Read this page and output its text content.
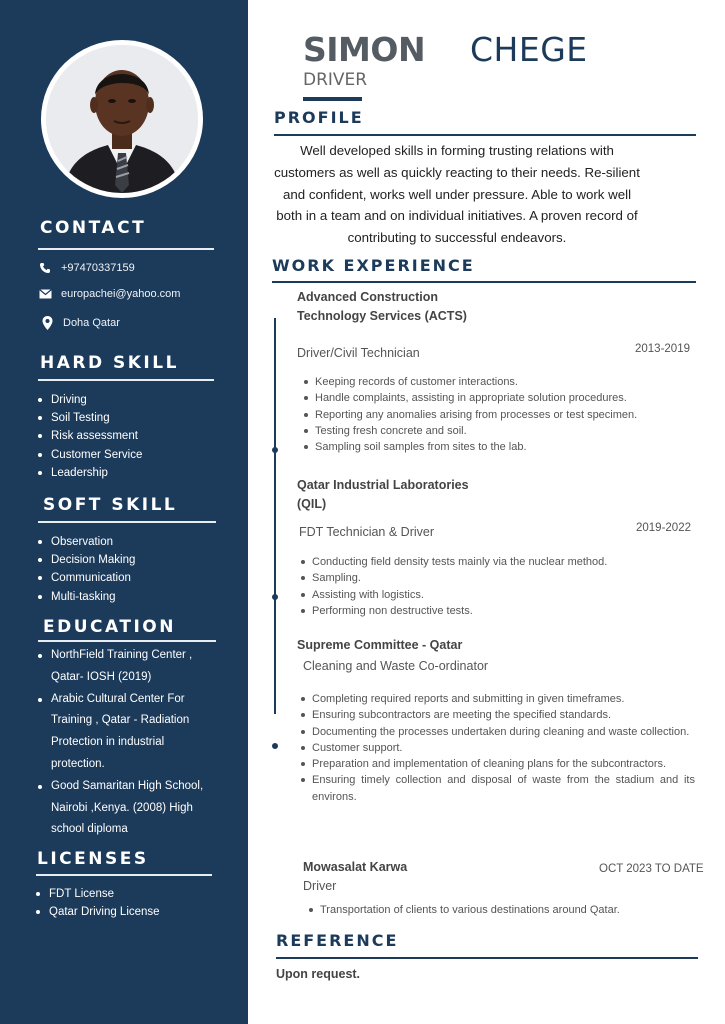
CONTACT
+97470337159
europachei@yahoo.com
Doha Qatar
HARD SKILL
Driving
Soil Testing
Risk assessment
Customer Service
Leadership
SOFT SKILL
Observation
Decision Making
Communication
Multi-tasking
EDUCATION
NorthField Training Center , Qatar- IOSH (2019)
Arabic Cultural Center For Training , Qatar - Radiation Protection in industrial protection.
Good Samaritan High School, Nairobi ,Kenya. (2008) High school diploma
LICENSES
FDT License
Qatar Driving License
SIMON CHEGE
DRIVER
PROFILE
Well developed skills in forming trusting relations with customers as well as quickly reacting to their needs. Re-silient and confident, works well under pressure. Able to work well both in a team and on individual initiatives. A proven record of contributing to successful endeavors.
WORK EXPERIENCE
Advanced Construction
Technology Services (ACTS)
Driver/Civil Technician	2013-2019
Keeping records of customer interactions.
Handle complaints, assisting in appropriate solution procedures.
Reporting any anomalies arising from processes or test specimen.
Testing fresh concrete and soil.
Sampling soil samples from sites to the lab.
Qatar Industrial Laboratories
(QIL)
FDT Technician & Driver	2019-2022
Conducting field density tests mainly via the nuclear method.
Sampling.
Assisting with logistics.
Performing non destructive tests.
Supreme Committee - Qatar
Cleaning and Waste Co-ordinator
Completing required reports and submitting in given timeframes.
Ensuring subcontractors are meeting the specified standards.
Documenting the processes undertaken during cleaning and waste collection.
Customer support.
Preparation and implementation of cleaning plans for the subcontractors.
Ensuring timely collection and disposal of waste from the stadium and its environs.
Mowasalat Karwa
Driver
OCT 2023 TO DATE
Transportation of clients to various destinations around Qatar.
REFERENCE
Upon request.
